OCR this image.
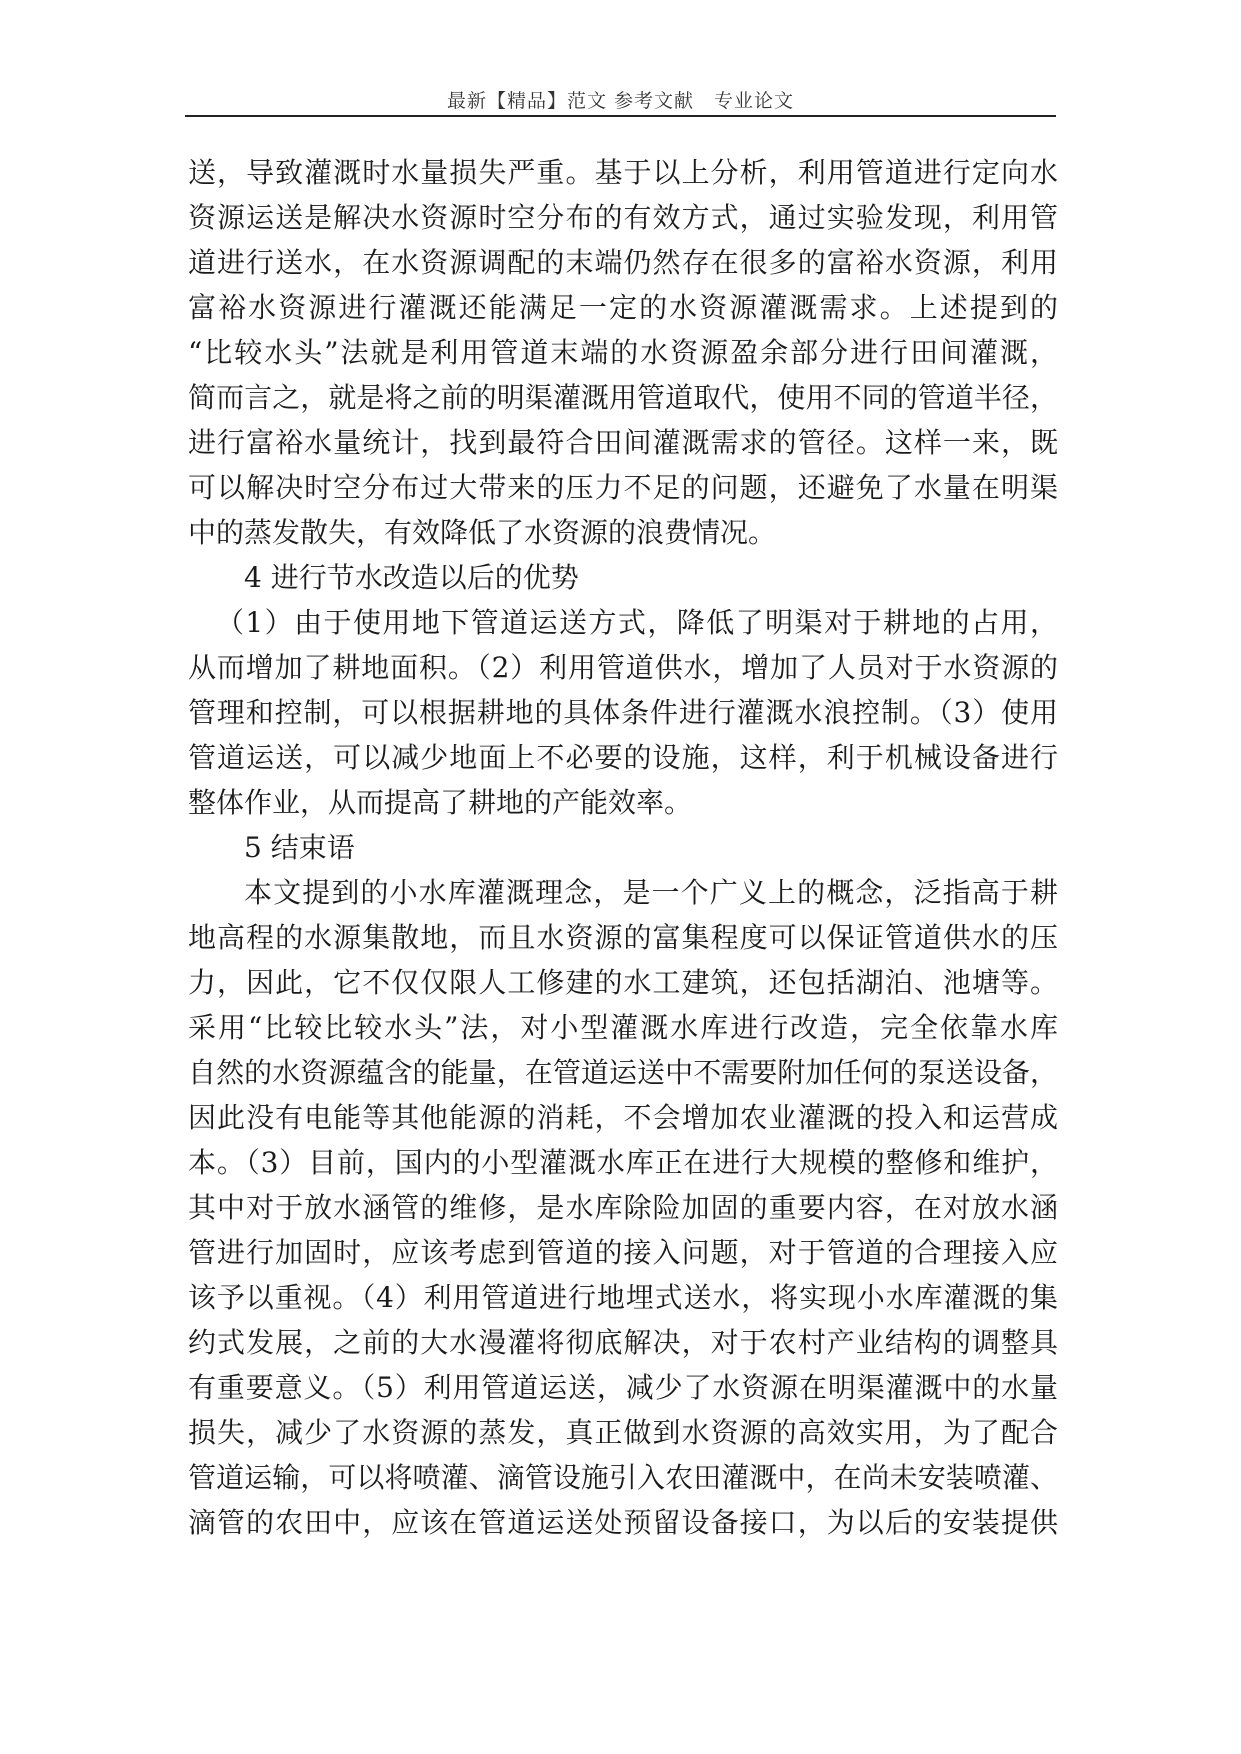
最新【精品】范文 参考文献　专业论文
送，导致灌溉时水量损失严重。基于以上分析，利用管道进行定向水
资源运送是解决水资源时空分布的有效方式，通过实验发现，利用管
道进行送水，在水资源调配的末端仍然存在很多的富裕水资源，利用
富裕水资源进行灌溉还能满足一定的水资源灌溉需求。上述提到的
“比较水头”法就是利用管道末端的水资源盈余部分进行田间灌溉，
简而言之，就是将之前的明渠灌溉用管道取代，使用不同的管道半径，
进行富裕水量统计，找到最符合田间灌溉需求的管径。这样一来，既
可以解决时空分布过大带来的压力不足的问题，还避免了水量在明渠
中的蒸发散失，有效降低了水资源的浪费情况。
4 进行节水改造以后的优势
（1）由于使用地下管道运送方式，降低了明渠对于耕地的占用，
从而增加了耕地面积。（2）利用管道供水，增加了人员对于水资源的
管理和控制，可以根据耕地的具体条件进行灌溉水浪控制。（3）使用
管道运送，可以减少地面上不必要的设施，这样，利于机械设备进行
整体作业，从而提高了耕地的产能效率。
5 结束语
本文提到的小水库灌溉理念，是一个广义上的概念，泛指高于耕
地高程的水源集散地，而且水资源的富集程度可以保证管道供水的压
力，因此，它不仅仅限人工修建的水工建筑，还包括湖泊、池塘等。
采用“比较比较水头”法，对小型灌溉水库进行改造，完全依靠水库
自然的水资源蕴含的能量，在管道运送中不需要附加任何的泵送设备，
因此没有电能等其他能源的消耗，不会增加农业灌溉的投入和运营成
本。（3）目前，国内的小型灌溉水库正在进行大规模的整修和维护，
其中对于放水涵管的维修，是水库除险加固的重要内容，在对放水涵
管进行加固时，应该考虑到管道的接入问题，对于管道的合理接入应
该予以重视。（4）利用管道进行地埋式送水，将实现小水库灌溉的集
约式发展，之前的大水漫灌将彻底解决，对于农村产业结构的调整具
有重要意义。（5）利用管道运送，减少了水资源在明渠灌溉中的水量
损失，减少了水资源的蒸发，真正做到水资源的高效实用，为了配合
管道运输，可以将喷灌、滴管设施引入农田灌溉中，在尚未安装喷灌、
滴管的农田中，应该在管道运送处预留设备接口，为以后的安装提供
